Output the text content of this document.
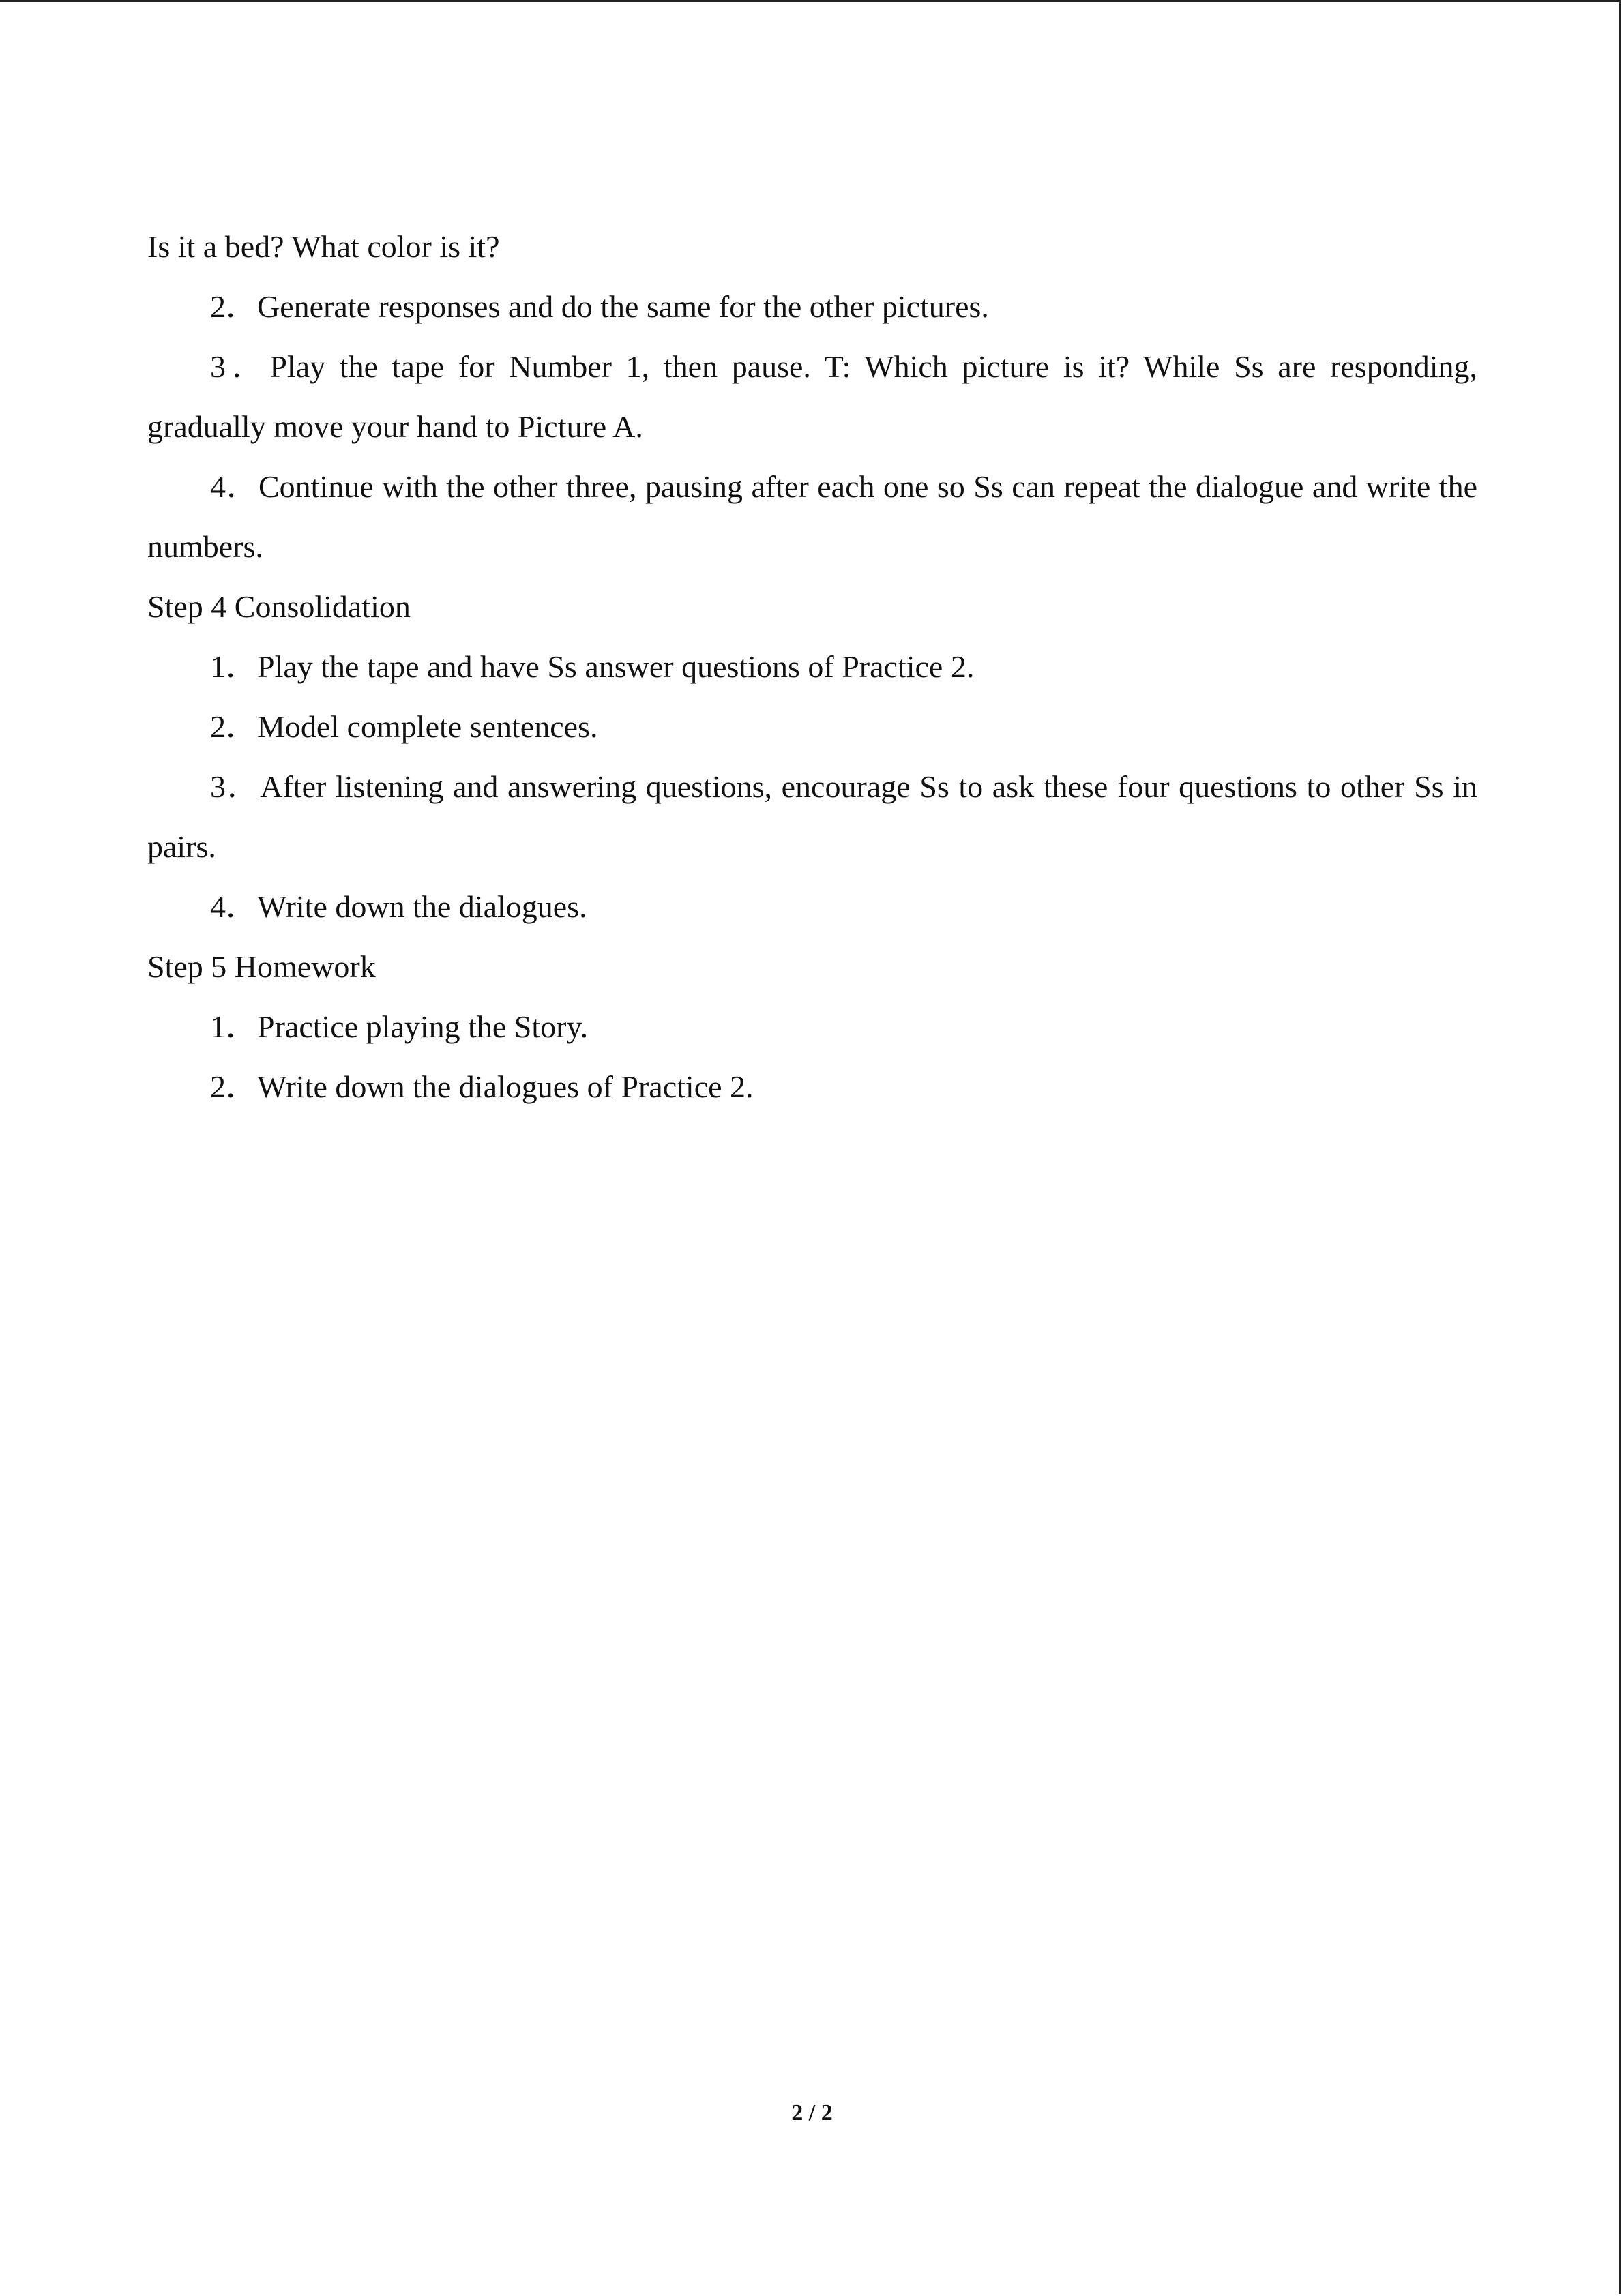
Is it a bed? What color is it?

2．Generate responses and do the same for the other pictures.

3．Play the tape for Number 1, then pause. T: Which picture is it? While Ss are responding, gradually move your hand to Picture A.

4．Continue with the other three, pausing after each one so Ss can repeat the dialogue and write the numbers.

Step 4 Consolidation

1．Play the tape and have Ss answer questions of Practice 2.

2．Model complete sentences.

3．After listening and answering questions, encourage Ss to ask these four questions to other Ss in pairs.

4．Write down the dialogues.

Step 5 Homework

1．Practice playing the Story.

2．Write down the dialogues of Practice 2.

2 / 2
